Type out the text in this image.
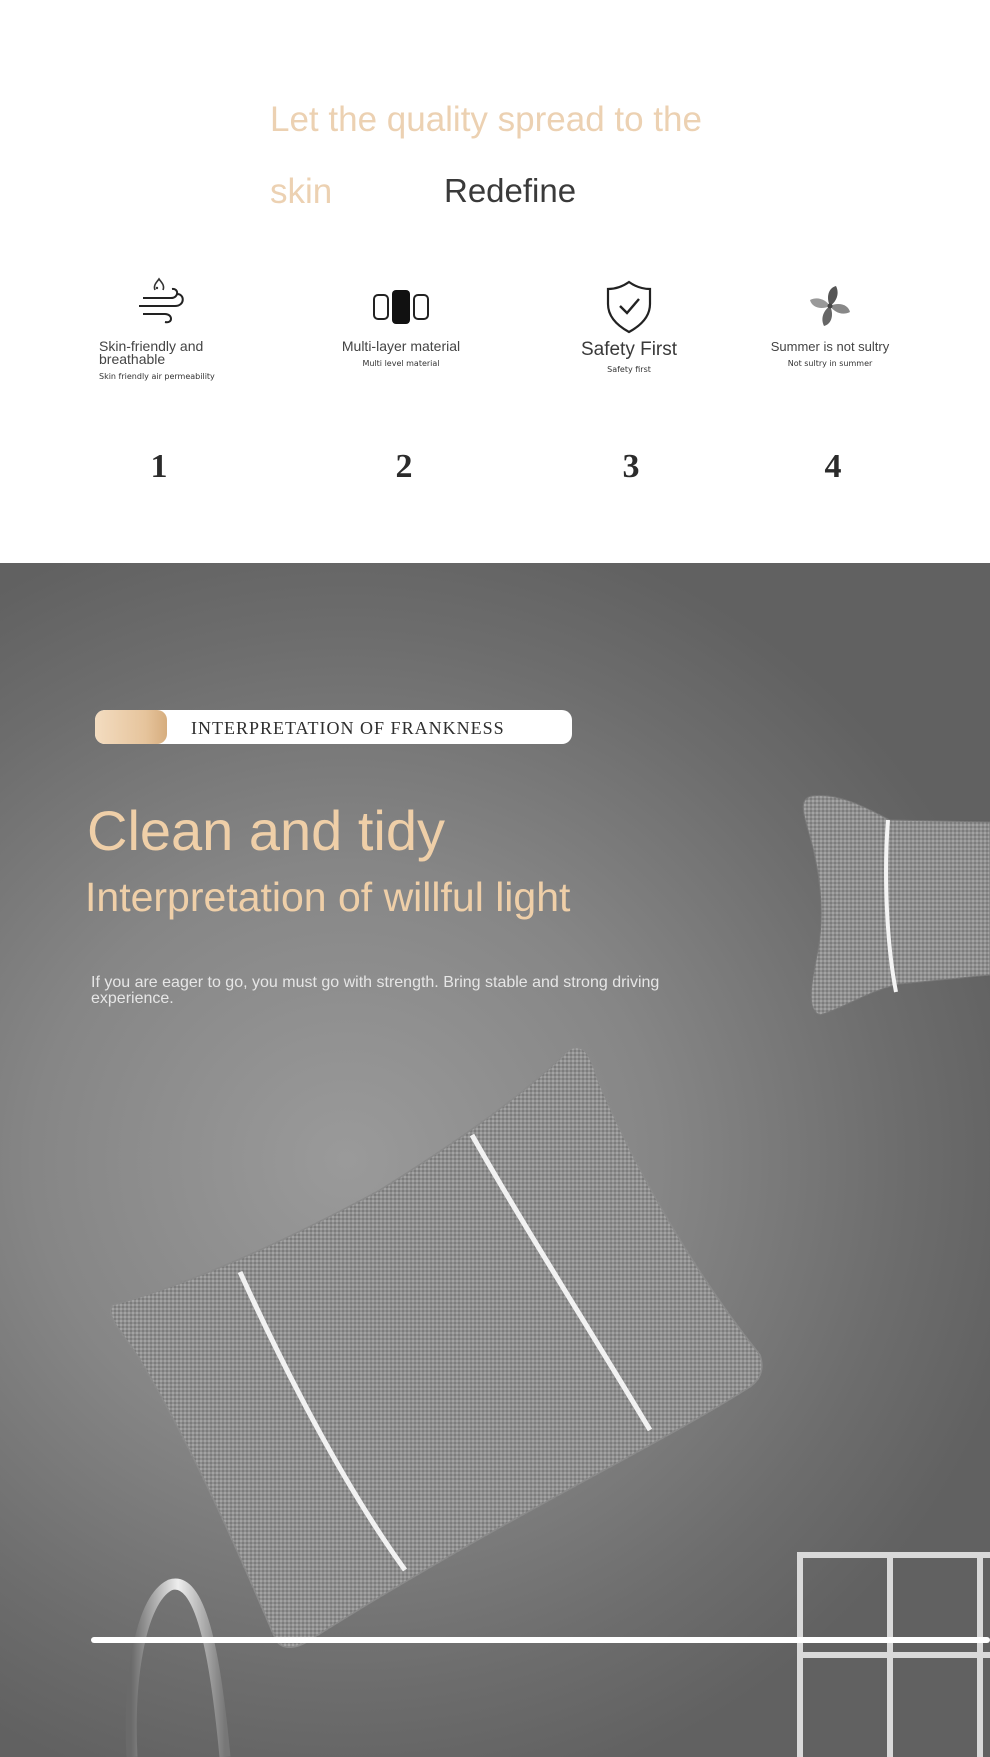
Let the quality spread to the
skin	Redefine
Skin-friendly and breathable
Skin friendly air permeability
Multi-layer material
Multi level material
Safety First
Safety first
Summer is not sultry
Not sultry in summer
1	2	3	4
INTERPRETATION OF FRANKNESS
Clean and tidy
Interpretation of willful light
If you are eager to go, you must go with strength. Bring stable and strong driving experience.
